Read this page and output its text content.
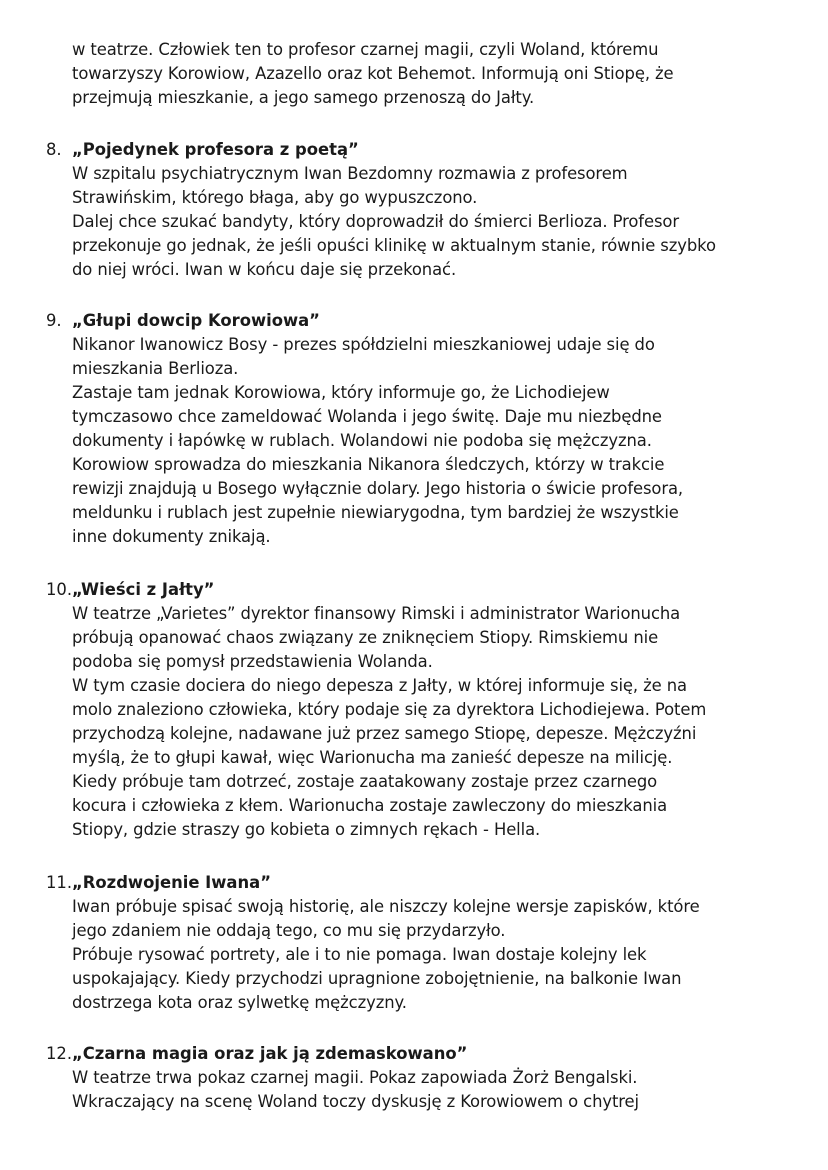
w teatrze. Człowiek ten to profesor czarnej magii, czyli Woland, któremu
towarzyszy Korowiow, Azazello oraz kot Behemot. Informują oni Stiopę, że
przejmują mieszkanie, a jego samego przenoszą do Jałty.
8. „Pojedynek profesora z poetą”
W szpitalu psychiatrycznym Iwan Bezdomny rozmawia z profesorem
Strawińskim, którego błaga, aby go wypuszczono.
Dalej chce szukać bandyty, który doprowadził do śmierci Berlioza. Profesor
przekonuje go jednak, że jeśli opuści klinikę w aktualnym stanie, równie szybko
do niej wróci. Iwan w końcu daje się przekonać.
9. „Głupi dowcip Korowiowa”
Nikanor Iwanowicz Bosy - prezes spółdzielni mieszkaniowej udaje się do
mieszkania Berlioza.
Zastaje tam jednak Korowiowa, który informuje go, że Lichodiejew
tymczasowo chce zameldować Wolanda i jego świtę. Daje mu niezbędne
dokumenty i łapówkę w rublach. Wolandowi nie podoba się mężczyzna.
Korowiow sprowadza do mieszkania Nikanora śledczych, którzy w trakcie
rewizji znajdują u Bosego wyłącznie dolary. Jego historia o świcie profesora,
meldunku i rublach jest zupełnie niewiarygodna, tym bardziej że wszystkie
inne dokumenty znikają.
10. „Wieści z Jałty”
W teatrze „Varietes” dyrektor finansowy Rimski i administrator Warionucha
próbują opanować chaos związany ze zniknęciem Stiopy. Rimskiemu nie
podoba się pomysł przedstawienia Wolanda.
W tym czasie dociera do niego depesza z Jałty, w której informuje się, że na
molo znaleziono człowieka, który podaje się za dyrektora Lichodiejewa. Potem
przychodzą kolejne, nadawane już przez samego Stiopę, depesze. Mężczyźni
myślą, że to głupi kawał, więc Warionucha ma zanieść depesze na milicję.
Kiedy próbuje tam dotrzeć, zostaje zaatakowany zostaje przez czarnego
kocura i człowieka z kłem. Warionucha zostaje zawleczony do mieszkania
Stiopy, gdzie straszy go kobieta o zimnych rękach - Hella.
11. „Rozdwojenie Iwana”
Iwan próbuje spisać swoją historię, ale niszczy kolejne wersje zapisków, które
jego zdaniem nie oddają tego, co mu się przydarzyło.
Próbuje rysować portrety, ale i to nie pomaga. Iwan dostaje kolejny lek
uspokajający. Kiedy przychodzi upragnione zobojętnienie, na balkonie Iwan
dostrzega kota oraz sylwetkę mężczyzny.
12. „Czarna magia oraz jak ją zdemaskowano”
W teatrze trwa pokaz czarnej magii. Pokaz zapowiada Żorż Bengalski.
Wkraczający na scenę Woland toczy dyskusję z Korowiowem o chytrej
